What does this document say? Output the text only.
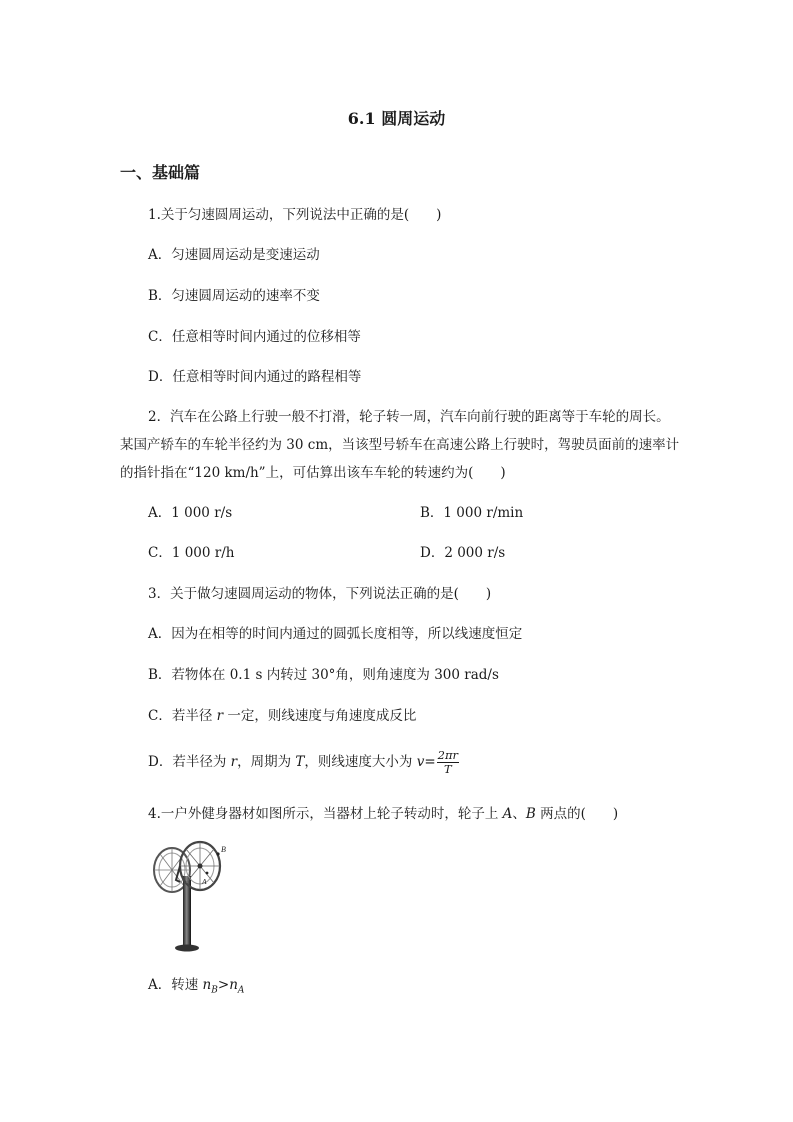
6.1 圆周运动
一、基础篇
1.关于匀速圆周运动，下列说法中正确的是(　　)
A．匀速圆周运动是变速运动
B．匀速圆周运动的速率不变
C．任意相等时间内通过的位移相等
D．任意相等时间内通过的路程相等
2．汽车在公路上行驶一般不打滑，轮子转一周，汽车向前行驶的距离等于车轮的周长。某国产轿车的车轮半径约为 30 cm，当该型号轿车在高速公路上行驶时，驾驶员面前的速率计的指针指在“120 km/h”上，可估算出该车车轮的转速约为(　　)
A．1 000 r/s	B．1 000 r/min
C．1 000 r/h	D．2 000 r/s
3．关于做匀速圆周运动的物体，下列说法正确的是(　　)
A．因为在相等的时间内通过的圆弧长度相等，所以线速度恒定
B．若物体在 0.1 s 内转过 30°角，则角速度为 300 rad/s
C．若半径 r 一定，则线速度与角速度成反比
D．若半径为 r，周期为 T，则线速度大小为 $v= \frac{2\pi r}{T}$
4.一户外健身器材如图所示，当器材上轮子转动时，轮子上 A、B 两点的(　　)
B
A
A．转速 $n_B>n_A$
